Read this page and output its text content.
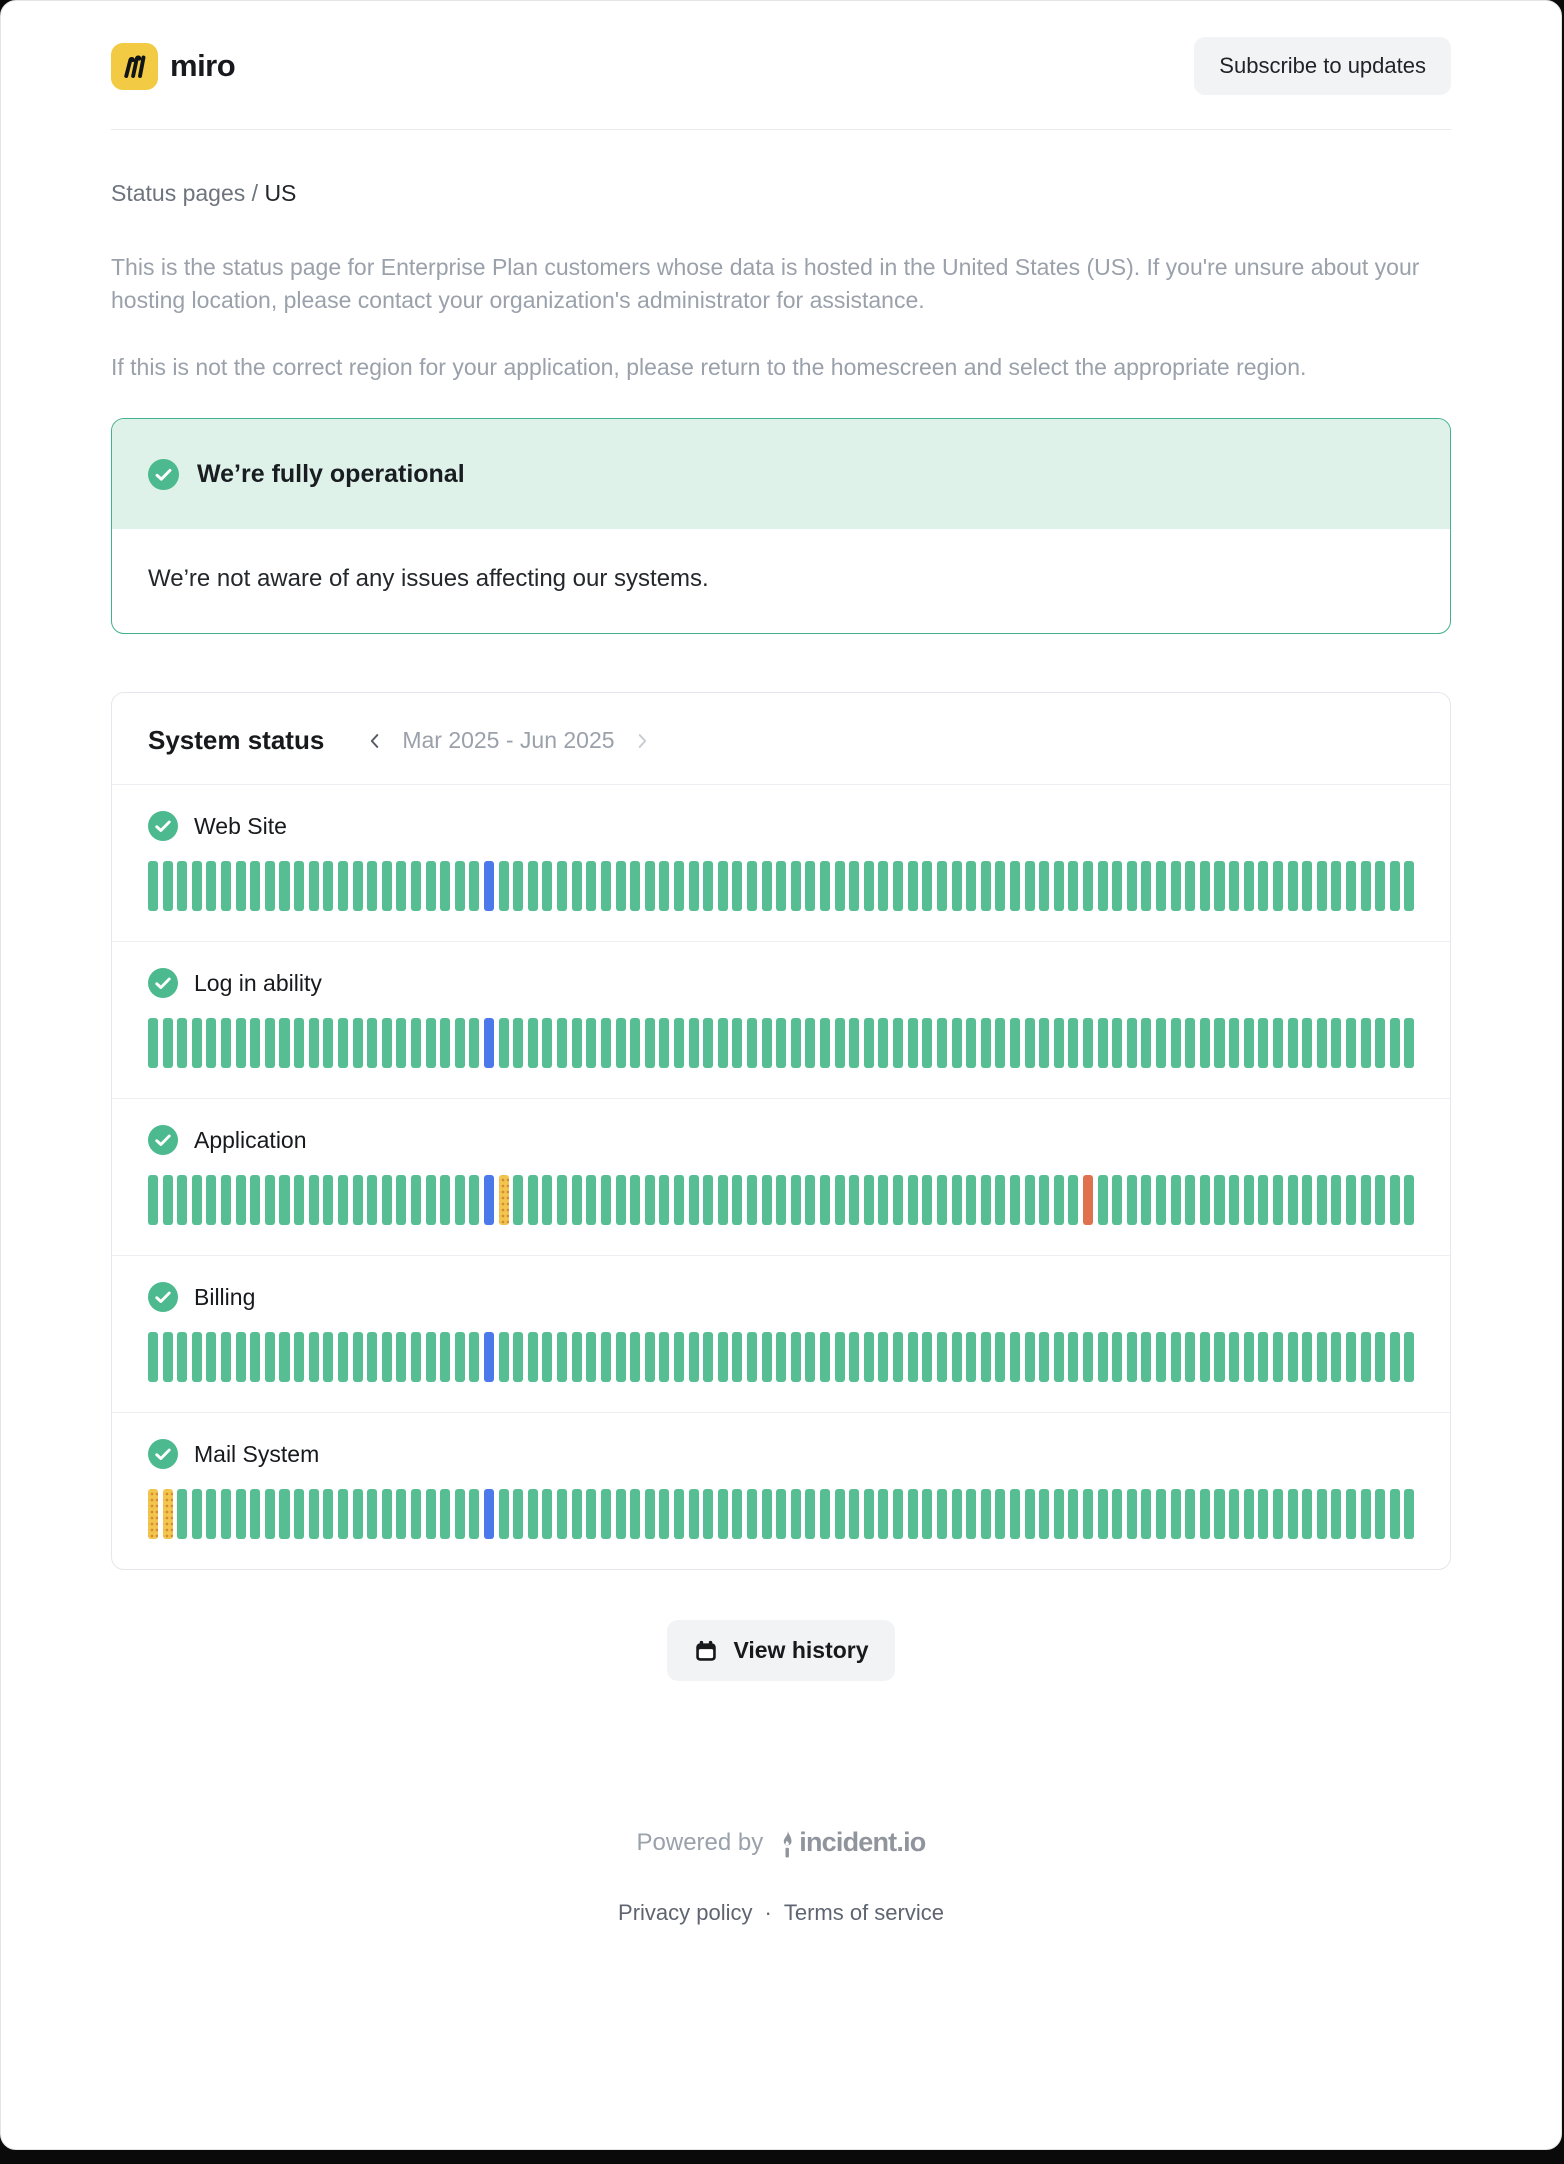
miro	Subscribe to updates
Status pages / US

This is the status page for Enterprise Plan customers whose data is hosted in the United States (US). If you're unsure about your hosting location, please contact your organization's administrator for assistance.

If this is not the correct region for your application, please return to the homescreen and select the appropriate region.

We’re fully operational
We’re not aware of any issues affecting our systems.
System status	Mar 2025 - Jun 2025
Web Site
Log in ability
Application
Billing
Mail System
View history
Powered by incident.io
Privacy policy · Terms of service
